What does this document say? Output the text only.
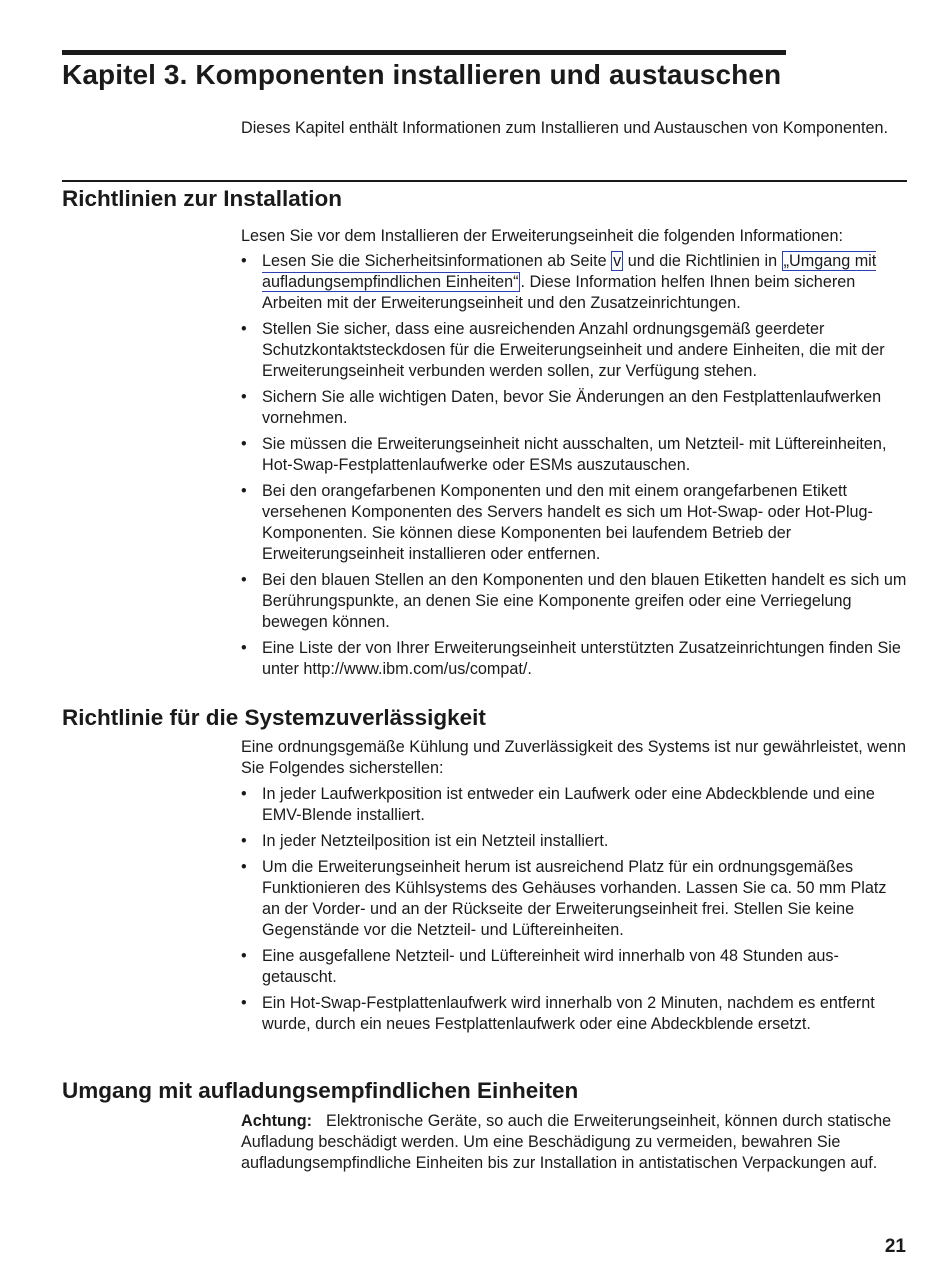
Kapitel 3. Komponenten installieren und austauschen

Dieses Kapitel enthält Informationen zum Installieren und Austauschen von Komponenten.

Richtlinien zur Installation

Lesen Sie vor dem Installieren der Erweiterungseinheit die folgenden Informationen:

• Lesen Sie die Sicherheitsinformationen ab Seite v und die Richtlinien in „Umgang mit aufladungsempfindlichen Einheiten“ . Diese Information helfen Ihnen beim sicheren Arbeiten mit der Erweiterungseinheit und den Zusatzeinrichtungen.
• Stellen Sie sicher, dass eine ausreichenden Anzahl ordnungsgemäß geerdeter Schutzkontaktsteckdosen für die Erweiterungseinheit und andere Einheiten, die mit der Erweiterungseinheit verbunden werden sollen, zur Verfügung stehen.
• Sichern Sie alle wichtigen Daten, bevor Sie Änderungen an den Festplattenlaufwerken vornehmen.
• Sie müssen die Erweiterungseinheit nicht ausschalten, um Netzteil- mit Lüftereinheiten, Hot-Swap-Festplattenlaufwerke oder ESMs auszutauschen.
• Bei den orangefarbenen Komponenten und den mit einem orangefarbenen Etikett versehenen Komponenten des Servers handelt es sich um Hot-Swap- oder Hot-Plug-Komponenten. Sie können diese Komponenten bei laufendem Betrieb der Erweiterungseinheit installieren oder entfernen.
• Bei den blauen Stellen an den Komponenten und den blauen Etiketten handelt es sich um Berührungspunkte, an denen Sie eine Komponente greifen oder eine Verriegelung bewegen können.
• Eine Liste der von Ihrer Erweiterungseinheit unterstützten Zusatzeinrichtungen finden Sie unter http://www.ibm.com/us/compat/.
Richtlinie für die Systemzuverlässigkeit

Eine ordnungsgemäße Kühlung und Zuverlässigkeit des Systems ist nur gewährleistet, wenn Sie Folgendes sicherstellen:

• In jeder Laufwerkposition ist entweder ein Laufwerk oder eine Abdeckblende und eine EMV-Blende installiert.
• In jeder Netzteilposition ist ein Netzteil installiert.
• Um die Erweiterungseinheit herum ist ausreichend Platz für ein ordnungsgemäßes Funktionieren des Kühlsystems des Gehäuses vorhanden. Lassen Sie ca. 50 mm Platz an der Vorder- und an der Rückseite der Erweiterungseinheit frei. Stellen Sie keine Gegenstände vor die Netzteil- und Lüftereinheiten.
• Eine ausgefallene Netzteil- und Lüftereinheit wird innerhalb von 48 Stunden ausgetauscht.
• Ein Hot-Swap-Festplattenlaufwerk wird innerhalb von 2 Minuten, nachdem es entfernt wurde, durch ein neues Festplattenlaufwerk oder eine Abdeckblende ersetzt.
Umgang mit aufladungsempfindlichen Einheiten

Achtung: Elektronische Geräte, so auch die Erweiterungseinheit, können durch statische Aufladung beschädigt werden. Um eine Beschädigung zu vermeiden, bewahren Sie aufladungsempfindliche Einheiten bis zur Installation in antistatischen Verpackungen auf.

21
